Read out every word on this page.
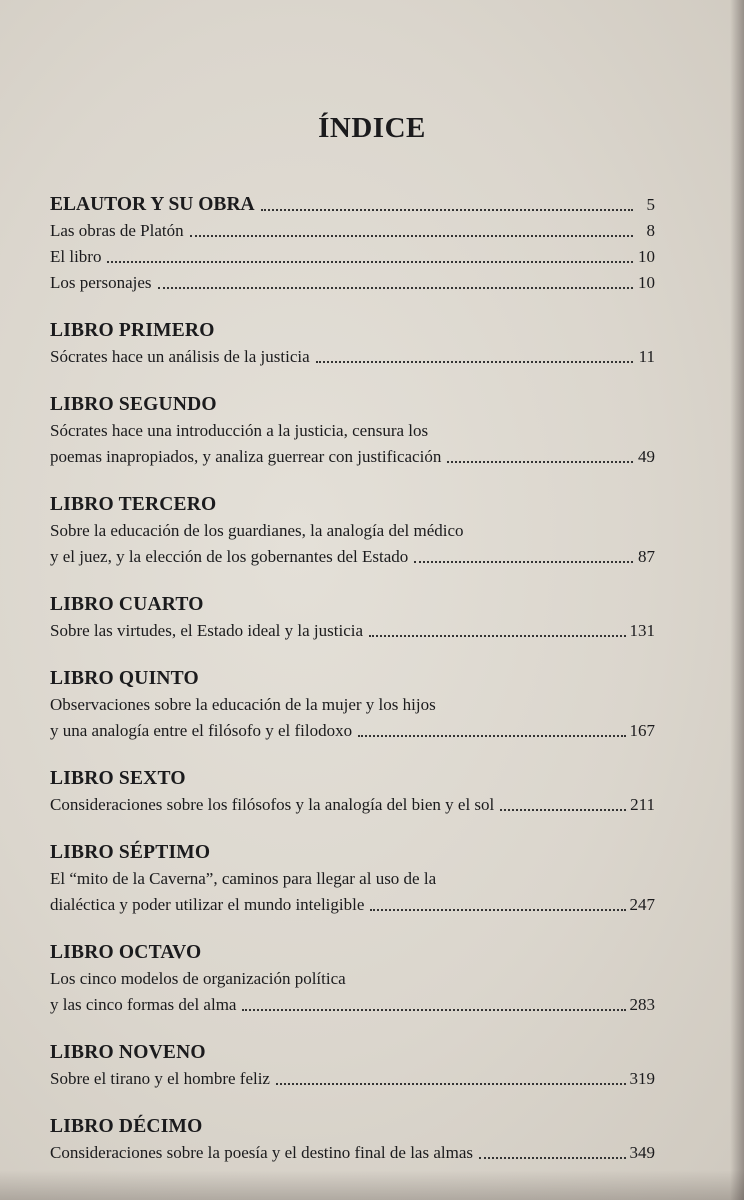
ÍNDICE
ELAUTOR Y SU OBRA	5
Las obras de Platón	8
El libro	10
Los personajes	10
LIBRO PRIMERO
Sócrates hace un análisis de la justicia	11
LIBRO SEGUNDO
Sócrates hace una introducción a la justicia, censura los
poemas inapropiados, y analiza guerrear con justificación	49
LIBRO TERCERO
Sobre la educación de los guardianes, la analogía del médico
y el juez, y la elección de los gobernantes del Estado	87
LIBRO CUARTO
Sobre las virtudes, el Estado ideal y la justicia	131
LIBRO QUINTO
Observaciones sobre la educación de la mujer y los hijos
y una analogía entre el filósofo y el filodoxo	167
LIBRO SEXTO
Consideraciones sobre los filósofos y la analogía del bien y el sol	211
LIBRO SÉPTIMO
El “mito de la Caverna”, caminos para llegar al uso de la
dialéctica y poder utilizar el mundo inteligible	247
LIBRO OCTAVO
Los cinco modelos de organización política
y las cinco formas del alma	283
LIBRO NOVENO
Sobre el tirano y el hombre feliz	319
LIBRO DÉCIMO
Consideraciones sobre la poesía y el destino final de las almas	349
